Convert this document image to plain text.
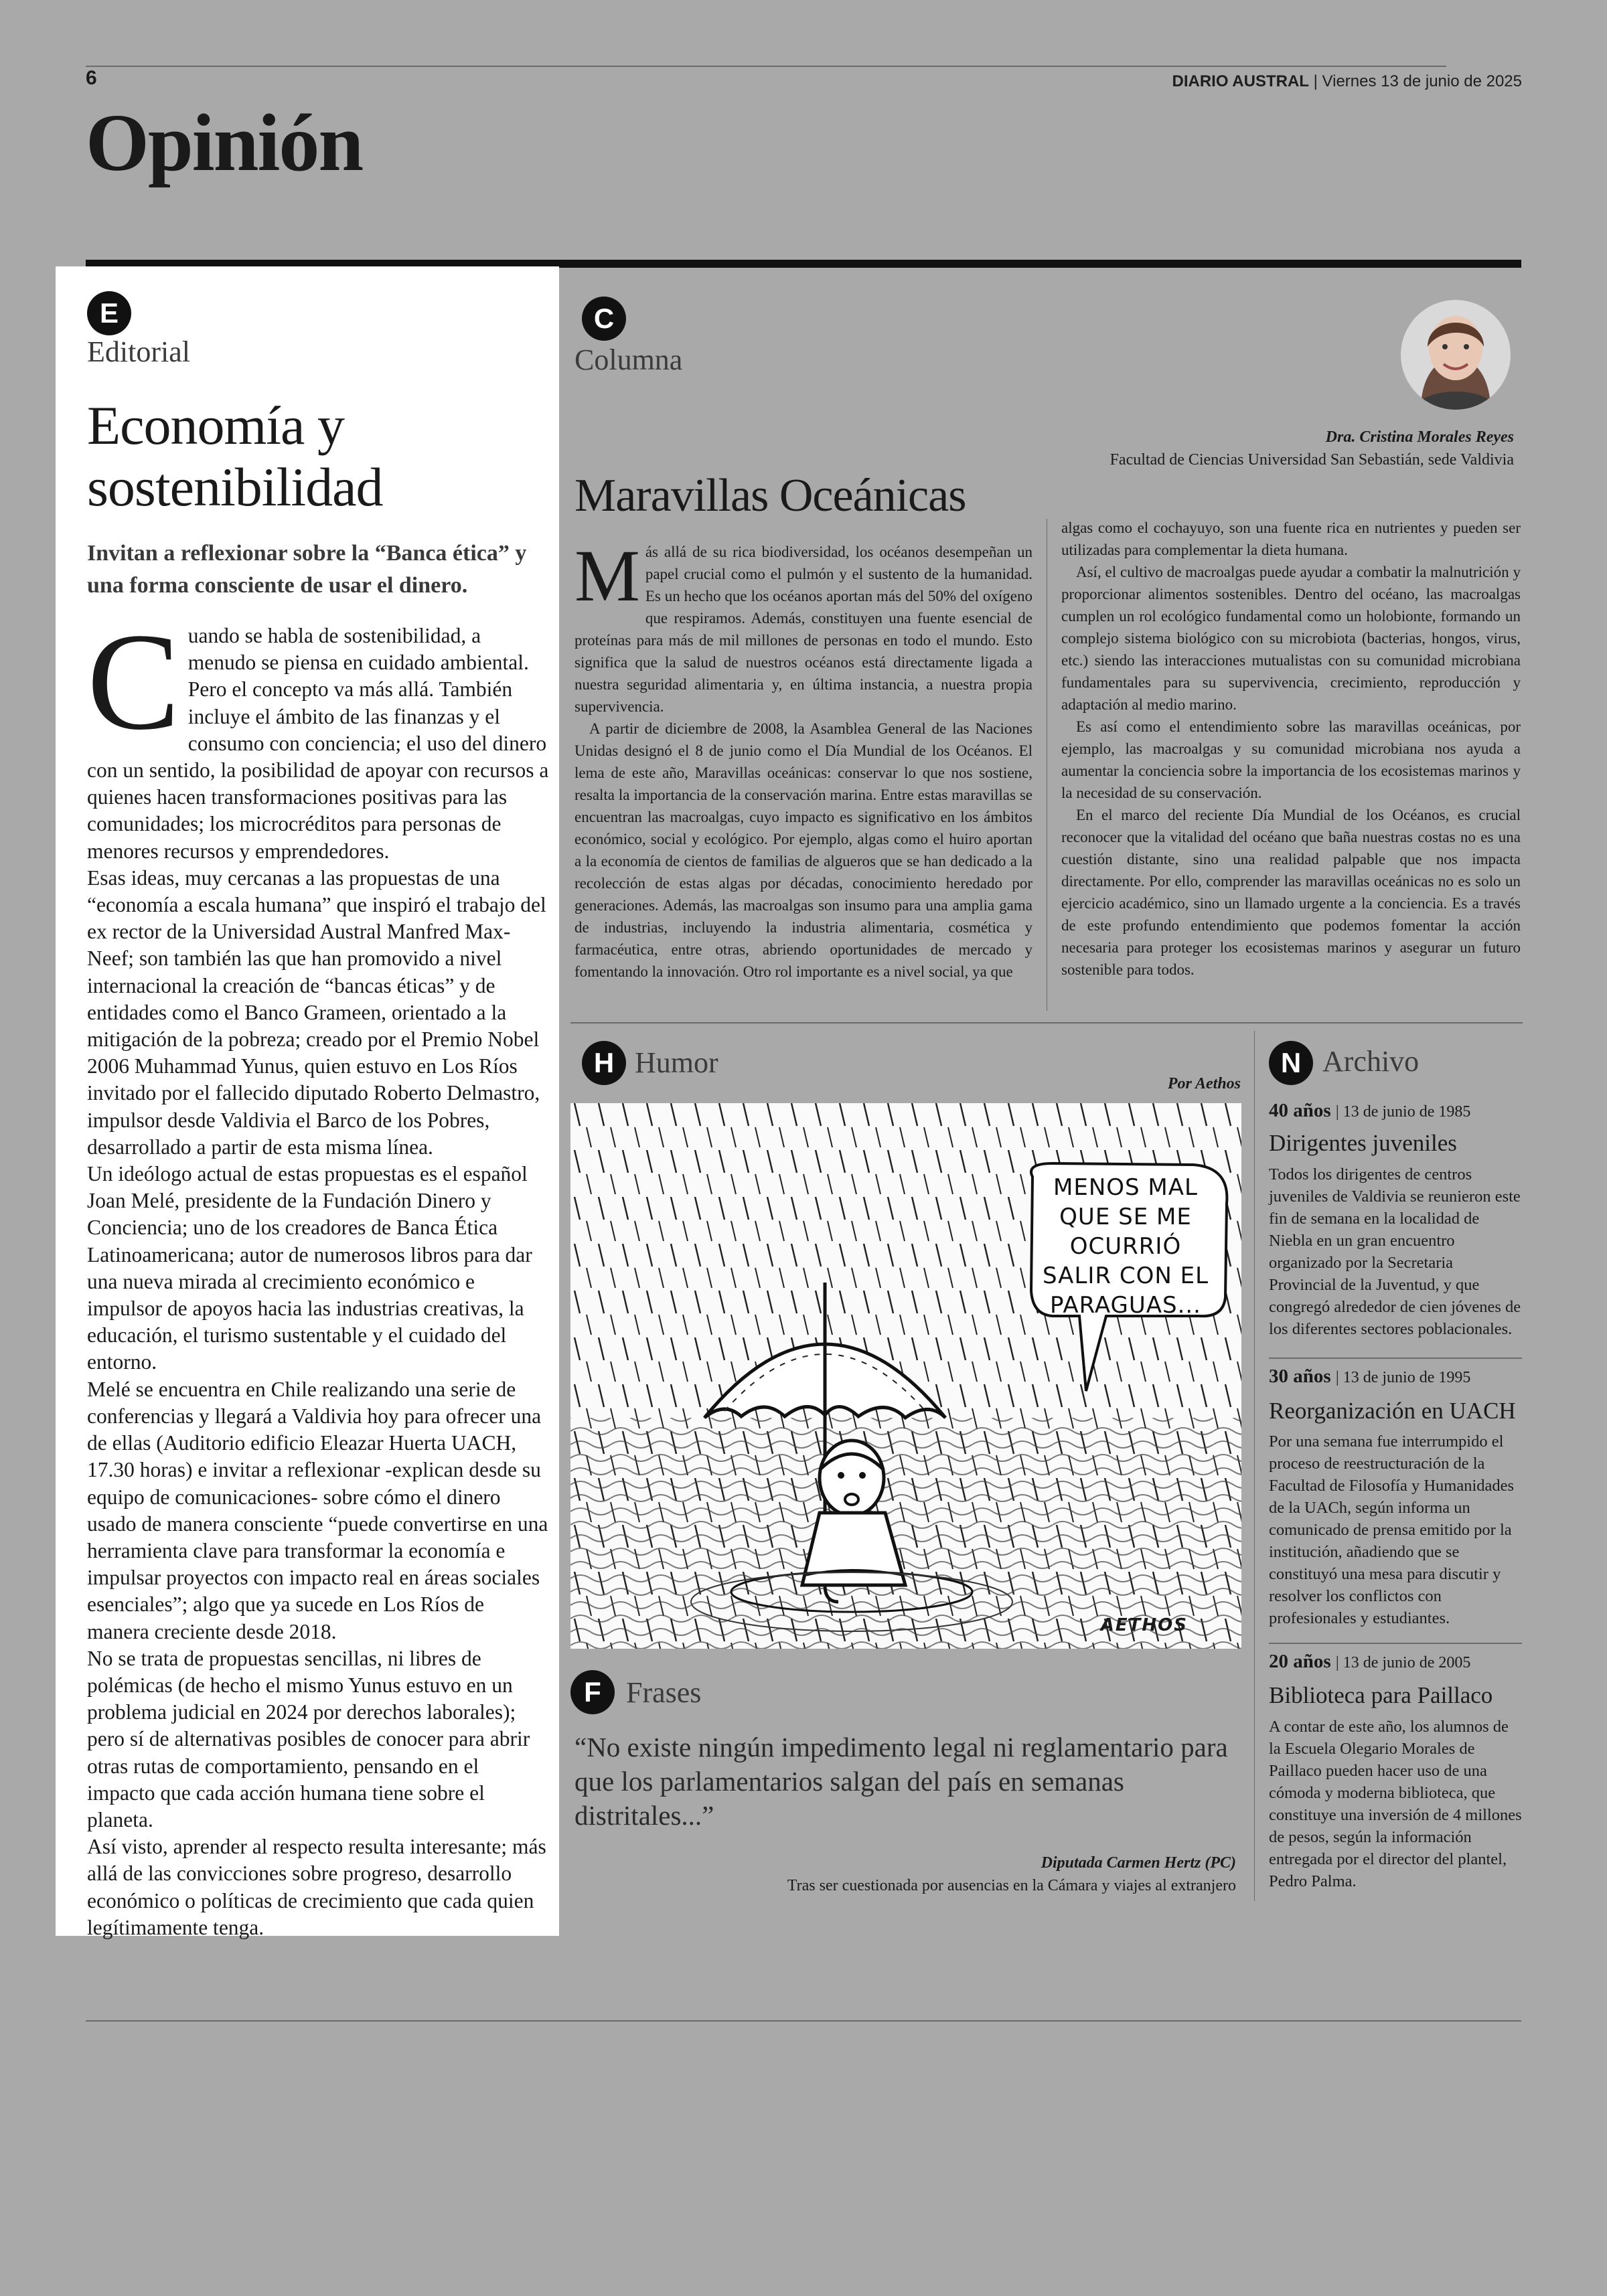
6	DIARIO AUSTRAL | Viernes 13 de junio de 2025
Opinión
E
Editorial
Economía y
sostenibilidad
Invitan a reflexionar sobre la “Banca ética” y una forma consciente de usar el dinero.

Cuando se habla de sostenibilidad, a menudo se piensa en cuidado ambiental. Pero el concepto va más allá. También incluye el ámbito de las finanzas y el consumo con conciencia; el uso del dinero con un sentido, la posibilidad de apoyar con recursos a quienes hacen transformaciones positivas para las comunidades; los microcréditos para personas de menores recursos y emprendedores.

Esas ideas, muy cercanas a las propuestas de una “economía a escala humana” que inspiró el trabajo del ex rector de la Universidad Austral Manfred Max-Neef; son también las que han promovido a nivel internacional la creación de “bancas éticas” y de entidades como el Banco Grameen, orientado a la mitigación de la pobreza; creado por el Premio Nobel 2006 Muhammad Yunus, quien estuvo en Los Ríos invitado por el fallecido diputado Roberto Delmastro, impulsor desde Valdivia el Barco de los Pobres, desarrollado a partir de esta misma línea.

Un ideólogo actual de estas propuestas es el español Joan Melé, presidente de la Fundación Dinero y Conciencia; uno de los creadores de Banca Ética Latinoamericana; autor de numerosos libros para dar una nueva mirada al crecimiento económico e impulsor de apoyos hacia las industrias creativas, la educación, el turismo sustentable y el cuidado del entorno.

Melé se encuentra en Chile realizando una serie de conferencias y llegará a Valdivia hoy para ofrecer una de ellas (Auditorio edificio Eleazar Huerta UACH, 17.30 horas) e invitar a reflexionar -explican desde su equipo de comunicaciones- sobre cómo el dinero usado de manera consciente “puede convertirse en una herramienta clave para transformar la economía e impulsar proyectos con impacto real en áreas sociales esenciales”; algo que ya sucede en Los Ríos de manera creciente desde 2018.

No se trata de propuestas sencillas, ni libres de polémicas (de hecho el mismo Yunus estuvo en un problema judicial en 2024 por derechos laborales); pero sí de alternativas posibles de conocer para abrir otras rutas de comportamiento, pensando en el impacto que cada acción humana tiene sobre el planeta.

Así visto, aprender al respecto resulta interesante; más allá de las convicciones sobre progreso, desarrollo económico o políticas de crecimiento que cada quien legítimamente tenga.

C
Columna
Dra. Cristina Morales Reyes
Facultad de Ciencias Universidad San Sebastián, sede Valdivia
Maravillas Oceánicas

Más allá de su rica biodiversidad, los océanos desempeñan un papel crucial como el pulmón y el sustento de la humanidad. Es un hecho que los océanos aportan más del 50% del oxígeno que respiramos. Además, constituyen una fuente esencial de proteínas para más de mil millones de personas en todo el mundo. Esto significa que la salud de nuestros océanos está directamente ligada a nuestra seguridad alimentaria y, en última instancia, a nuestra propia supervivencia.

A partir de diciembre de 2008, la Asamblea General de las Naciones Unidas designó el 8 de junio como el Día Mundial de los Océanos. El lema de este año, Maravillas oceánicas: conservar lo que nos sostiene, resalta la importancia de la conservación marina. Entre estas maravillas se encuentran las macroalgas, cuyo impacto es significativo en los ámbitos económico, social y ecológico. Por ejemplo, algas como el huiro aportan a la economía de cientos de familias de algueros que se han dedicado a la recolección de estas algas por décadas, conocimiento heredado por generaciones. Además, las macroalgas son insumo para una amplia gama de industrias, incluyendo la industria alimentaria, cosmética y farmacéutica, entre otras, abriendo oportunidades de mercado y fomentando la innovación. Otro rol importante es a nivel social, ya que

algas como el cochayuyo, son una fuente rica en nutrientes y pueden ser utilizadas para complementar la dieta humana.

Así, el cultivo de macroalgas puede ayudar a combatir la malnutrición y proporcionar alimentos sostenibles. Dentro del océano, las macroalgas cumplen un rol ecológico fundamental como un holobionte, formando un complejo sistema biológico con su microbiota (bacterias, hongos, virus, etc.) siendo las interacciones mutualistas con su comunidad microbiana fundamentales para su supervivencia, crecimiento, reproducción y adaptación al medio marino.

Es así como el entendimiento sobre las maravillas oceánicas, por ejemplo, las macroalgas y su comunidad microbiana nos ayuda a aumentar la conciencia sobre la importancia de los ecosistemas marinos y la necesidad de su conservación.

En el marco del reciente Día Mundial de los Océanos, es crucial reconocer que la vitalidad del océano que baña nuestras costas no es una cuestión distante, sino una realidad palpable que nos impacta directamente. Por ello, comprender las maravillas oceánicas no es solo un ejercicio académico, sino un llamado urgente a la conciencia. Es a través de este profundo entendimiento que podemos fomentar la acción necesaria para proteger los ecosistemas marinos y asegurar un futuro sostenible para todos.

H Humor
Por Aethos
MENOS MAL
QUE SE ME
OCURRIÓ
SALIR CON EL
PARAGUAS...
AETHOS
F Frases
“No existe ningún impedimento legal ni reglamentario para que los parlamentarios salgan del país en semanas distritales...”
Diputada Carmen Hertz (PC)
Tras ser cuestionada por ausencias en la Cámara y viajes al extranjero
N Archivo
40 años | 13 de junio de 1985
Dirigentes juveniles
Todos los dirigentes de centros juveniles de Valdivia se reunieron este fin de semana en la localidad de Niebla en un gran encuentro organizado por la Secretaria Provincial de la Juventud, y que congregó alrededor de cien jóvenes de los diferentes sectores poblacionales.
30 años | 13 de junio de 1995
Reorganización en UACH
Por una semana fue interrumpido el proceso de reestructuración de la Facultad de Filosofía y Humanidades de la UACh, según informa un comunicado de prensa emitido por la institución, añadiendo que se constituyó una mesa para discutir y resolver los conflictos con profesionales y estudiantes.
20 años | 13 de junio de 2005
Biblioteca para Paillaco
A contar de este año, los alumnos de la Escuela Olegario Morales de Paillaco pueden hacer uso de una cómoda y moderna biblioteca, que constituye una inversión de 4 millones de pesos, según la información entregada por el director del plantel, Pedro Palma.
